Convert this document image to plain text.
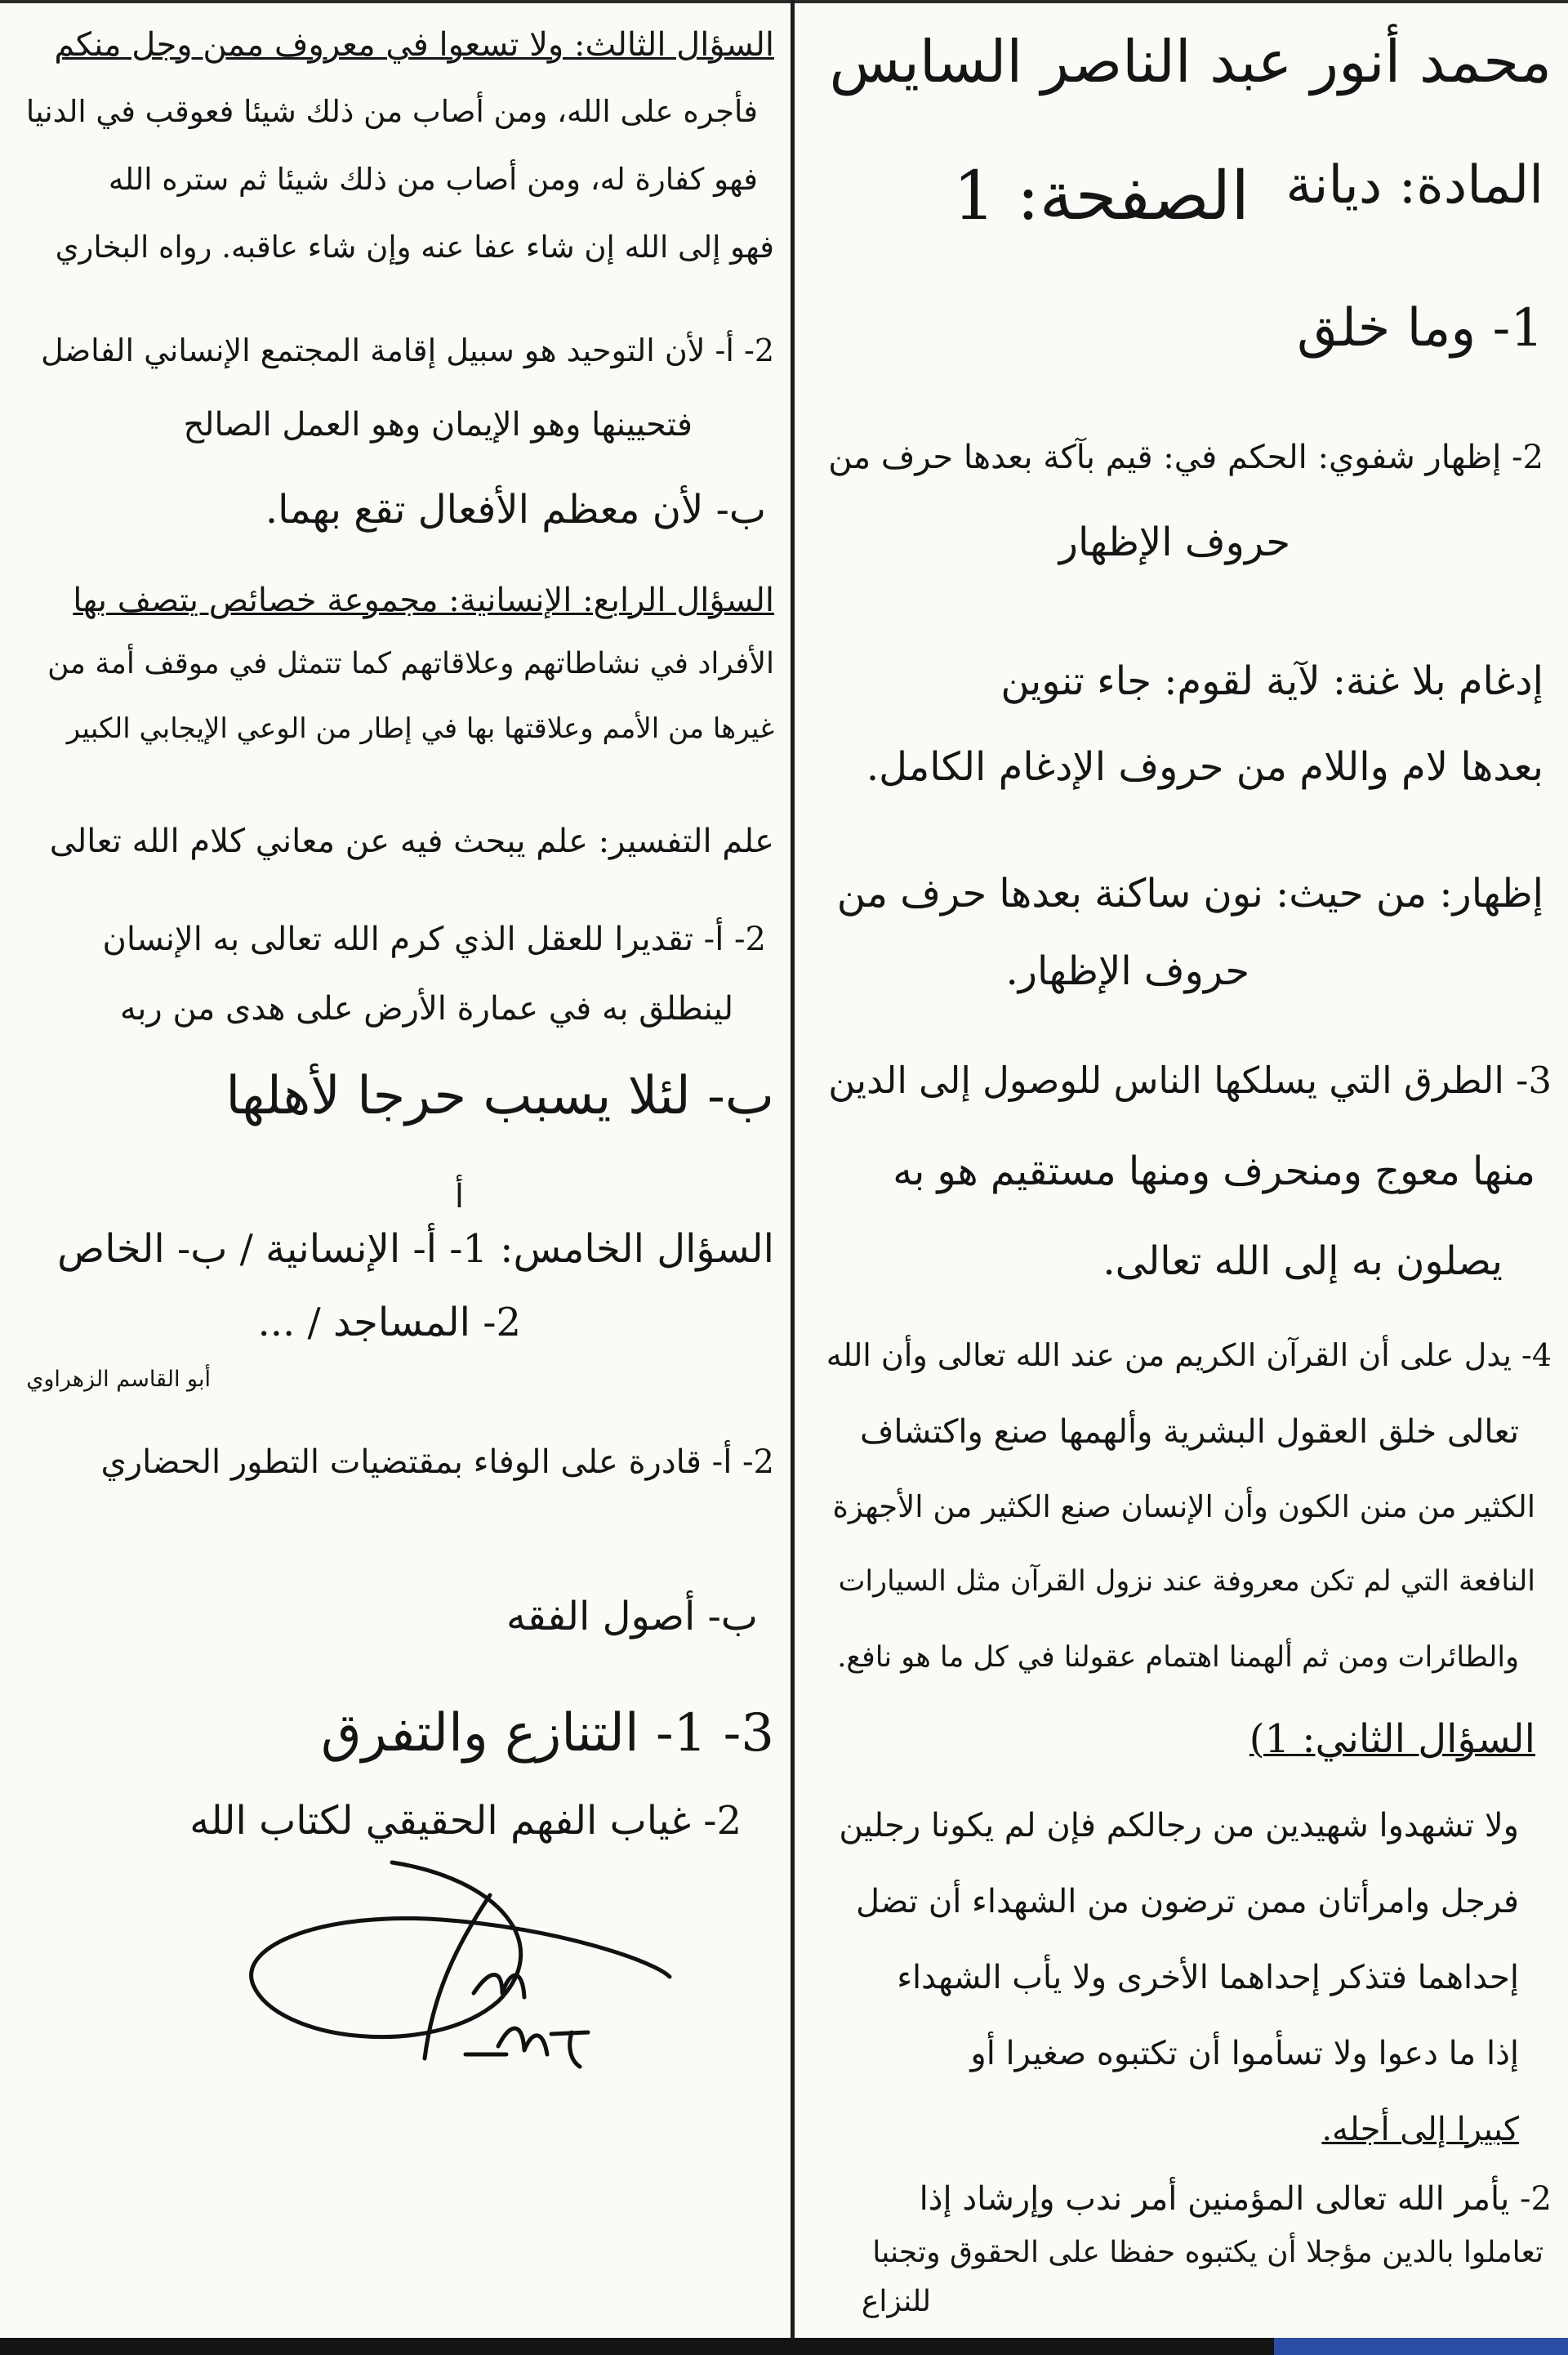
محمد أنور عبد الناصر السايس
المادة: ديانة
الصفحة: 1
1- وما خلق
2- إظهار شفوي: الحكم في: قيم بآكة بعدها حرف من
حروف الإظهار
إدغام بلا غنة: لآية لقوم: جاء تنوين
بعدها لام واللام من حروف الإدغام الكامل.
إظهار: من حيث: نون ساكنة بعدها حرف من
حروف الإظهار.
3- الطرق التي يسلكها الناس للوصول إلى الدين
منها معوج ومنحرف ومنها مستقيم هو به
يصلون به إلى الله تعالى.
4- يدل على أن القرآن الكريم من عند الله تعالى وأن الله
تعالى خلق العقول البشرية وألهمها صنع واكتشاف
الكثير من منن الكون وأن الإنسان صنع الكثير من الأجهزة
النافعة التي لم تكن معروفة عند نزول القرآن مثل السيارات
والطائرات ومن ثم ألهمنا اهتمام عقولنا في كل ما هو نافع.
السؤال الثاني: 1)
ولا تشهدوا شهيدين من رجالكم فإن لم يكونا رجلين
فرجل وامرأتان ممن ترضون من الشهداء أن تضل
إحداهما فتذكر إحداهما الأخرى ولا يأب الشهداء
إذا ما دعوا ولا تسأموا أن تكتبوه صغيرا أو
كبيرا إلى أجله.
2- يأمر الله تعالى المؤمنين أمر ندب وإرشاد إذا
تعاملوا بالدين مؤجلا أن يكتبوه حفظا على الحقوق وتجنبا
للنزاع
السؤال الثالث: ولا تسعوا في معروف ممن وجل منكم
فأجره على الله، ومن أصاب من ذلك شيئا فعوقب في الدنيا
فهو كفارة له، ومن أصاب من ذلك شيئا ثم ستره الله
فهو إلى الله إن شاء عفا عنه وإن شاء عاقبه. رواه البخاري
2- أ- لأن التوحيد هو سبيل إقامة المجتمع الإنساني الفاضل
فتحيينها وهو الإيمان وهو العمل الصالح
ب- لأن معظم الأفعال تقع بهما.
السؤال الرابع: الإنسانية: مجموعة خصائص يتصف بها
الأفراد في نشاطاتهم وعلاقاتهم كما تتمثل في موقف أمة من
غيرها من الأمم وعلاقتها بها في إطار من الوعي الإيجابي الكبير
علم التفسير: علم يبحث فيه عن معاني كلام الله تعالى
2- أ- تقديرا للعقل الذي كرم الله تعالى به الإنسان
لينطلق به في عمارة الأرض على هدى من ربه
ب- لئلا يسبب حرجا لأهلها
أ
السؤال الخامس: 1- أ- الإنسانية / ب- الخاص
2- المساجد / ...
أبو القاسم الزهراوي
2- أ- قادرة على الوفاء بمقتضيات التطور الحضاري
ب- أصول الفقه
3- 1- التنازع والتفرق
2- غياب الفهم الحقيقي لكتاب الله
